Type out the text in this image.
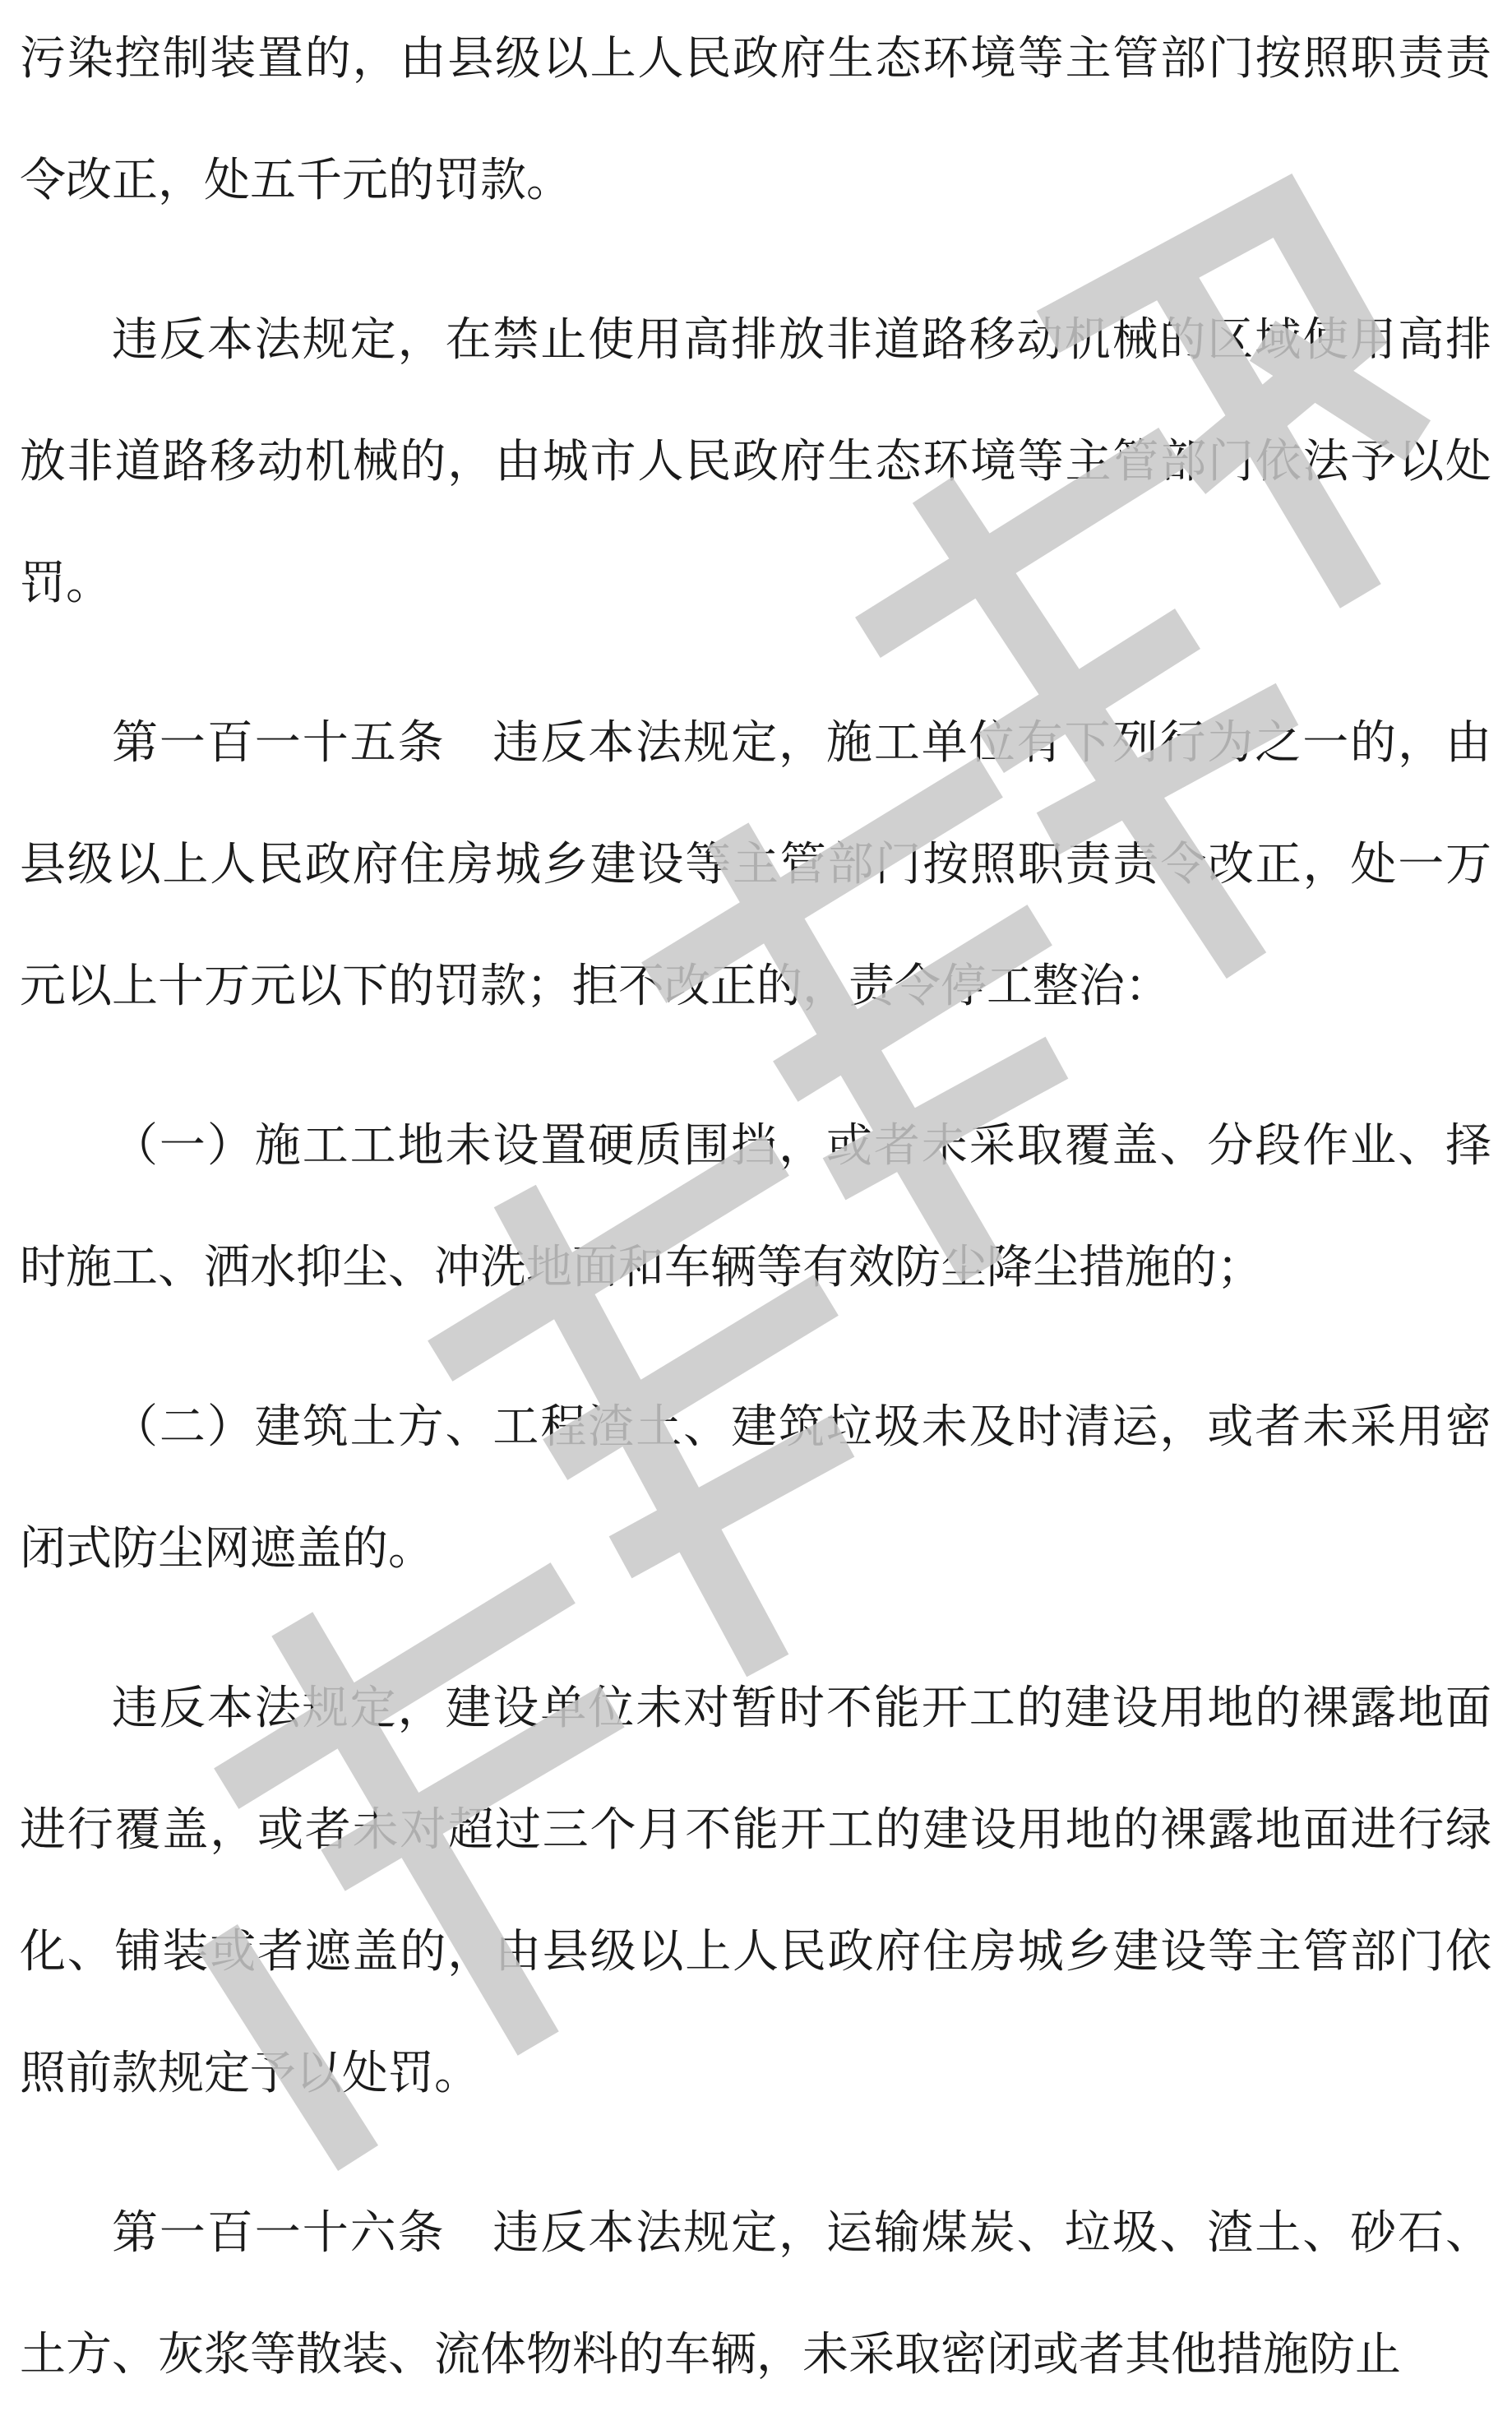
污染控制装置的，由县级以上人民政府生态环境等主管部门按照职责责令改正，处五千元的罚款。

违反本法规定，在禁止使用高排放非道路移动机械的区域使用高排放非道路移动机械的，由城市人民政府生态环境等主管部门依法予以处罚。

第一百一十五条　违反本法规定，施工单位有下列行为之一的，由县级以上人民政府住房城乡建设等主管部门按照职责责令改正，处一万元以上十万元以下的罚款；拒不改正的，责令停工整治：

（一）施工工地未设置硬质围挡，或者未采取覆盖、分段作业、择时施工、洒水抑尘、冲洗地面和车辆等有效防尘降尘措施的；

（二）建筑土方、工程渣土、建筑垃圾未及时清运，或者未采用密闭式防尘网遮盖的。

违反本法规定，建设单位未对暂时不能开工的建设用地的裸露地面进行覆盖，或者未对超过三个月不能开工的建设用地的裸露地面进行绿化、铺装或者遮盖的，由县级以上人民政府住房城乡建设等主管部门依照前款规定予以处罚。

第一百一十六条　违反本法规定，运输煤炭、垃圾、渣土、砂石、土方、灰浆等散装、流体物料的车辆，未采取密闭或者其他措施防止
